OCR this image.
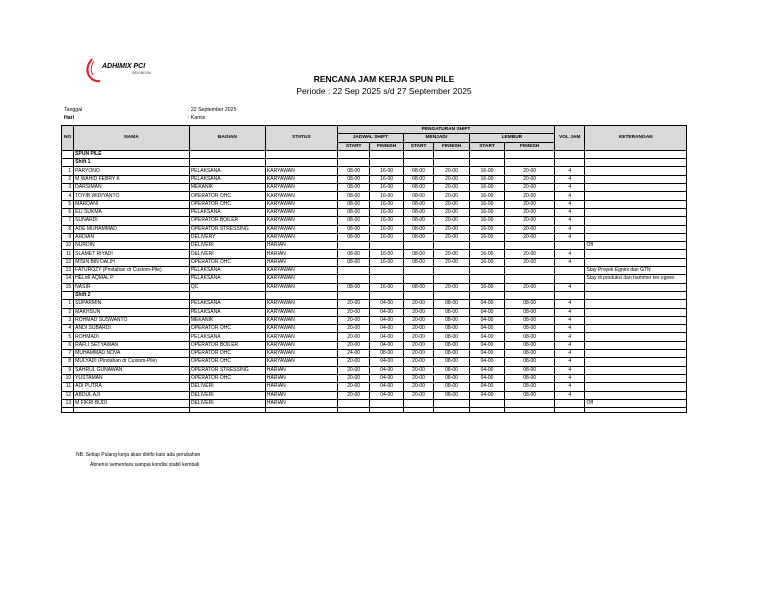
ADHIMIX PCI
INDONESIA
RENCANA JAM KERJA SPUN PILE
Periode : 22 Sep 2025 s/d 27 September 2025
Tanggal	: 22 September 2025
Hari	: Kamis
NO	NAMA	BAGIAN	STATUS	PENGATURAN SHIFT						VOL JAM	KETERANGAN
				JADWAL SHIFT		MENJADI		LEMBUR			
				START	FINNISH	START	FINNISH	START	FINNISH		
	SPUN PILE										
	Shift 1										
1	PARYONO	PELAKSANA	KARYAWAN	08-00	16-00	08-00	20-00	16-00	20-00	4	
2	M WAHID FEBRY K	PELAKSANA	KARYAWAN	08-00	16-00	08-00	20-00	16-00	20-00	4	
3	DARSIMAN	MEKANIK	KARYAWAN	08-00	16-00	08-00	20-00	16-00	20-00	4	
4	TOYIB WIDIYANTO	OPERATOR OHC	KARYAWAN	08-00	16-00	08-00	20-00	16-00	20-00	4	
5	MARDANI	OPERATOR OHC	KARYAWAN	08-00	16-00	08-00	20-00	16-00	20-00	4	
6	ELI SUKMA	PELAKSANA	KARYAWAN	08-00	16-00	08-00	20-00	16-00	20-00	4	
7	SUNARDI	OPERATOR BOILER	KARYAWAN	08-00	16-00	08-00	20-00	16-00	20-00	4	
8	ADE MUHAMMAD	OPERATOR STRESSING	KARYAWAN	08-00	16-00	08-00	20-00	16-00	20-00	4	
9	ARDIAN	DELIVERY	KARYAWAN	08-00	16-00	08-00	20-00	16-00	20-00	4	
10	NURDIN	DELIVERI	HARIAN								Off
11	SLAMET RIYADI	DELIVERI	HARIAN	08-00	16-00	08-00	20-00	16-00	20-00	4	
12	MISIN BIN DALIH	OPERATOR OHC	HARIAN	08-00	16-00	08-00	20-00	16-00	20-00	4	
13	FATUROZY (Pindahan dr Custom-Pile)	PELAKSANA	KARYAWAN								Stay Proyek Egnex dan GTN
14	HELMI AQMAL P	PELAKSANA	KARYAWAN								Stay di produksi dan hammer tes egnex
15	NASIR	QC	KARYAWAN	08-00	16-00	08-00	20-00	16-00	20-00	4	
	Shift 2										
1	SUPARMIN	PELAKSANA	KARYAWAN	20-00	04-00	20-00	08-00	04-00	08-00	4	
2	MAKHSUN	PELAKSANA	KARYAWAN	20-00	04-00	20-00	08-00	04-00	08-00	4	
3	ROHMAD SUSWANTO	MEKANIK	KARYAWAN	20-00	04-00	20-00	08-00	04-00	08-00	4	
4	ANDI SUBARDI	OPERATOR OHC	KARYAWAN	20-00	04-00	20-00	08-00	04-00	08-00	4	
5	ROHMADI	PELAKSANA	KARYAWAN	20-00	04-00	20-00	08-00	04-00	08-00	4	
6	RAFLI SETYAWAN	OPERATOR BOILER	KARYAWAN	20-00	04-00	20-00	08-00	04-00	08-00	4	
7	MUHAMMAD NOVA	OPERATOR OHC	KARYAWAN	24-00	08-00	20-00	08-00	04-00	08-00	4	
8	MULYADI (Pindahan dr Custom-Pile)	OPERATOR OHC	KARYAWAN	20-00	04-00	20-00	08-00	04-00	08-00	4	
9	SAHRUL GUNAWAN	OPERATOR STRESSING	HARIAN	20-00	04-00	20-00	08-00	04-00	08-00	4	
10	YUSTAMAN	OPERATOR OHC	HARIAN	20-00	04-00	20-00	08-00	04-00	08-00	4	
11	ADI PUTRA	DELIVERI	HARIAN	20-00	04-00	20-00	08-00	04-00	08-00	4	
12	ABDUL AJI	DELIVERI	HARIAN	20-00	04-00	20-00	08-00	04-00	08-00	4	
13	M FIKRI BUDI	DELIVERI	HARIAN								Off

NB. Setiap Pulang kerja akan diinfo kalo ada perubahan
Abnensi sementara sampai kondisi stabil kembali
